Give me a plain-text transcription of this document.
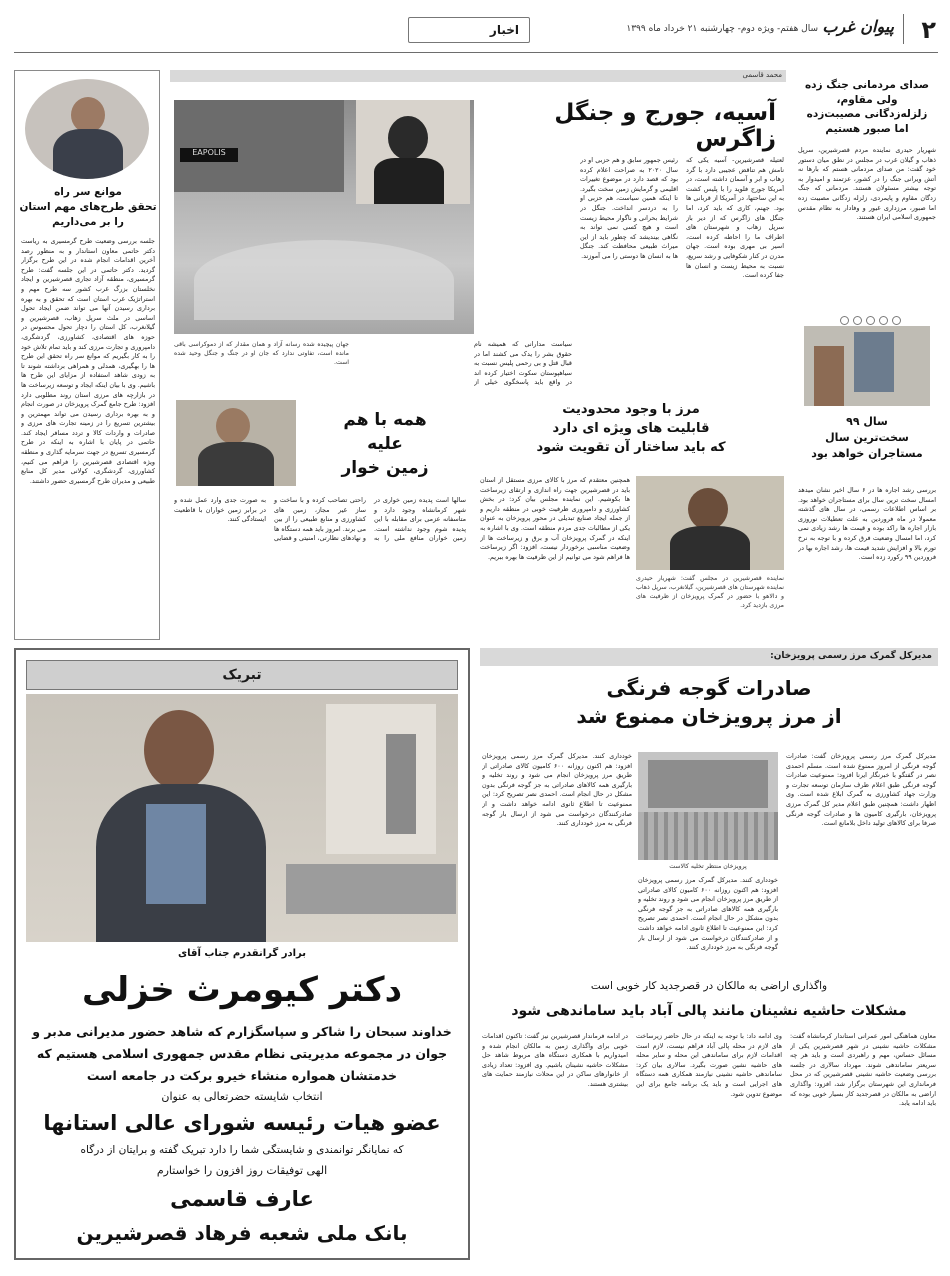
۲
پیوان غرب
سال هفتم- ویژه دوم- چهارشنبه ۲۱ خرداد ماه ۱۳۹۹
اخبار
موانع سر راه
تحقق طرح‌های مهم استان
را بر می‌داریم
جلسه بررسی وضعیت طرح گرمسیری به ریاست دکتر حاتمی معاون استاندار و به منظور رصد آخرین اقدامات انجام شده در این طرح برگزار گردید. دکتر حاتمی در این جلسه گفت: طرح گرمسیری، منطقه آزاد تجاری قصرشیرین و ایجاد نخلستان بزرگ غرب کشور سه طرح مهم و استراتژیک غرب استان است که تحقق و به بهره برداری رسیدن آنها می تواند ضمن ایجاد تحول اساسی در ملث سرپل زهاب، قصرشیرین و گیلانغرب، کل استان را دچار تحول محسوس در حوزه های اقتصادی، کشاورزی، گردشگری، دامپروری و تجارت مرزی کند و باید تمام تلاش خود را به کار بگیریم که موانع سر راه تحقق این طرح ها را بهگیری، همدلی و همراهی برداشته شوند تا به زودی شاهد استفاده از مزایای این طرح ها باشیم. وی با بیان اینکه ایجاد و توسعه زیرساخت ها در بازارچه های مرزی استان روند مطلوبی دارد افزود: طرح جامع گمرک پرویزخان در صورت انجام و به بهره برداری رسیدن می تواند مهمترین و بیشترین تسریع را در زمینه تجارت های مرزی و صادرات و واردات کالا و تردد مسافر ایجاد کند. حاتمی در پایان با اشاره به اینکه در طرح گرمسیری تسریع در جهت سرمایه گذاری و منطقه ویژه اقتصادی قصرشیرین را فراهم می کنیم، کشاورزی، گردشگری، کولانی مدیر کل منابع طبیعی و مدیران طرح گرمسیری حضور داشتند.
محمد قاسمی
آسیه، جورج و جنگل زاگرس
EAPOLIS
جهان پیچیده شده رسانه آزاد و همان مقدار که از دموکراسی باقی مانده است، تفاوتی ندارد که جان او در جنگ و جنگل وحید شده است.
لعتیله قصرشیرین- آسیه یکی که نامش هم تناقض عجیبی دارد با گرد زهاب و ابر و آسمان داشته است، در آمریکا جورج فلوید را با پلیس کشت به این ساحتها، در آمریکا از قربانی ها بود. جهنم، کاری که باید کرد، اما جنگل های زاگرس که از دیر باز سرپل زهاب و شهرستان های اطراف ما را احاطه کرده است، اسیر بی مهری بوده است. جهان مدرن در کنار شکوفایی و رشد سریع، نسبت به محیط زیست و انسان ها جفا کرده است.
رئیس جمهور سابق و هم حزبی او در سال ۲۰۲۰ به صراحت اعلام کرده بود که قصد دارد در موضوع تغییرات اقلیمی و گرمایش زمین سخت بگیرد. تا اینکه همین سیاست، هم حزبی او را به دردسر انداخت. جنگل در شرایط بحرانی و ناگوار محیط زیست است و هیچ کسی نمی تواند به نگاهی بیندیشد که چطور باید از این میراث طبیعی محافظت کند. جنگل ها به انسان ها دوستی را می آموزند.
سیاست مدارانی که همیشه نام حقوق بشر را یدک می کشند اما در قبال قتل و بی رحمی پلیس نسبت به سیاهپوستان سکوت اختیار کرده اند در واقع باید پاسخگوی خیلی از
صدای مردمانی جنگ زده
ولی مقاوم،
زلزله‌زدگانی مصیبت‌زده
اما صبور هستیم
شهریار حیدری نماینده مردم قصرشیرین، سرپل ذهاب و گیلان غرب در مجلس در نطق میان دستور خود گفت: من صدای مردمانی هستم که بارها نه آتش ویرانی جنگ را در کشور، عزتمند و امیدوار به توجه بیشتر مسئولان هستند. مردمانی که جنگ زدگان مقاوم و پایمردی، زلزله زدگانی مصیبت زده اما صبور، مرزداری غیور و وفادار به نظام مقدس جمهوری اسلامی ایران هستند.
سال ۹۹
سخت‌ترین سال
مستاجران خواهد بود
بررسی رشد اجاره ها در ۶ سال اخیر نشان میدهد امسال سخت ترین سال برای مستاجران خواهد بود. بر اساس اطلاعات رسمی، در سال های گذشته معمولا در ماه فروردین به علت تعطیلات نوروزی بازار اجاره ها راکد بوده و قیمت ها رشد زیادی نمی کرد، اما امسال وضعیت فرق کرده و با توجه به نرخ تورم بالا و افزایش شدید قیمت ها، رشد اجاره بها در فروردین ۹۹ رکورد زده است.
مرز با وجود محدودیت
قابلیت های ویژه ای دارد
که باید ساختار آن تقویت شود
نماینده قصرشیرین در مجلس گفت: شهریار حیدری نماینده شهرستان های قصرشیرین، گیلانغرب، سرپل ذهاب و دالاهو با حضور در گمرک پرویزخان از ظرفیت های مرزی بازدید کرد.
همچنین معتقدم که مرز با کالای مرزی مستقل از استان باید در قصرشیرین جهت راه اندازی و ارتقای زیرساخت ها بکوشیم. این نماینده مجلس بیان کرد: در بخش کشاورزی و دامپروری ظرفیت خوبی در منطقه داریم و از جمله ایجاد صنایع تبدیلی در محور پرویزخان به عنوان یکی از مطالبات جدی مردم منطقه است. وی با اشاره به اینکه در گمرک پرویزخان آب و برق و زیرساخت ها از وضعیت مناسبی برخوردار نیست، افزود: اگر زیرساخت ها فراهم شود می توانیم از این ظرفیت ها بهره ببریم.
همه با هم
علیه
زمین خوار
سالها است پدیده زمین خواری در شهر کرمانشاه وجود دارد و متاسفانه عزمی برای مقابله با این پدیده شوم وجود نداشته است. زمین خواران منافع ملی را به راحتی تصاحب کرده و با ساخت و ساز غیر مجاز، زمین های کشاورزی و منابع طبیعی را از بین می برند. امروز باید همه دستگاه ها و نهادهای نظارتی، امنیتی و قضایی به صورت جدی وارد عمل شده و در برابر زمین خواران با قاطعیت ایستادگی کنند.
تبریک
برادر گرانقدرم جناب آقای
دکتر کیومرث خزلی
خداوند سبحان را شاکر و سپاسگزارم که شاهد حضور مدیرانی مدبر و
جوان در مجموعه مدیریتی نظام مقدس جمهوری اسلامی هستیم که
خدمتشان همواره منشاء خیرو برکت در جامعه است
انتخاب شایسته حضرتعالی به عنوان
عضو هیات رئیسه شورای عالی استانها
که نمایانگر توانمندی و شایستگی شما را دارد تبریک گفته و برایتان از درگاه
الهی توفیقات روز افزون را خواستارم
عارف قاسمی
بانک ملی شعبه فرهاد قصرشیرین
مدیرکل گمرک مرز رسمی پرویزخان:
صادرات گوجه فرنگی
از مرز پرویزخان ممنوع شد
پرویزخان منتظر تخلیه کالاست
مدیرکل گمرک مرز رسمی پرویزخان گفت: صادرات گوجه فرنگی از امروز ممنوع شده است. مسلم احمدی نصر در گفتگو با خبرنگار ایرنا افزود: ممنوعیت صادرات گوجه فرنگی طبق اعلام ظرف سازمان توسعه تجارت و وزارت جهاد کشاورزی به گمرک ابلاغ شده است. وی اظهار داشت: همچنین طبق اعلام مدیر کل گمرک مرزی پرویزخان، بارگیری کامیون ها و صادرات گوجه فرنگی صرفا برای کالاهای تولید داخل بلامانع است.
خودداری کنند. مدیرکل گمرک مرز رسمی پرویزخان افزود: هم اکنون روزانه ۶۰۰ کامیون کالای صادراتی از طریق مرز پرویزخان انجام می شود و روند تخلیه و بارگیری همه کالاهای صادراتی به جز گوجه فرنگی بدون مشکل در حال انجام است. احمدی نصر تصریح کرد: این ممنوعیت تا اطلاع ثانوی ادامه خواهد داشت و از صادرکنندگان درخواست می شود از ارسال بار گوجه فرنگی به مرز خودداری کنند.
خودداری کنند. مدیرکل گمرک مرز رسمی پرویزخان افزود: هم اکنون روزانه ۶۰۰ کامیون کالای صادراتی از طریق مرز پرویزخان انجام می شود و روند تخلیه و بارگیری همه کالاهای صادراتی به جز گوجه فرنگی بدون مشکل در حال انجام است. احمدی نصر تصریح کرد: این ممنوعیت تا اطلاع ثانوی ادامه خواهد داشت و از صادرکنندگان درخواست می شود از ارسال بار گوجه فرنگی به مرز خودداری کنند.
واگذاری اراضی به مالکان در قصرجدید کار خوبی است
مشکلات حاشیه نشینان مانند پالی آباد باید ساماندهی شود
معاون هماهنگی امور عمرانی استاندار کرمانشاه گفت: مشکلات حاشیه نشینی در شهر قصرشیرین یکی از مسائل حساس، مهم و راهبردی است و باید هر چه سریعتر ساماندهی شوند. مهرداد سالاری در جلسه بررسی وضعیت حاشیه نشینی قصرشیرین که در محل فرمانداری این شهرستان برگزار شد، افزود: واگذاری اراضی به مالکان در قصرجدید کار بسیار خوبی بوده که باید ادامه یابد.
وی ادامه داد: با توجه به اینکه در حال حاضر زیرساخت های لازم در محله پالی آباد فراهم نیست، لازم است اقدامات لازم برای ساماندهی این محله و سایر محله های حاشیه نشین صورت بگیرد. سالاری بیان کرد: ساماندهی حاشیه نشینی نیازمند همکاری همه دستگاه های اجرایی است و باید یک برنامه جامع برای این موضوع تدوین شود.
در ادامه فرماندار قصرشیرین نیز گفت: تاکنون اقدامات خوبی برای واگذاری زمین به مالکان انجام شده و امیدواریم با همکاری دستگاه های مربوط شاهد حل مشکلات حاشیه نشینان باشیم. وی افزود: تعداد زیادی از خانوارهای ساکن در این محلات نیازمند حمایت های بیشتری هستند.
